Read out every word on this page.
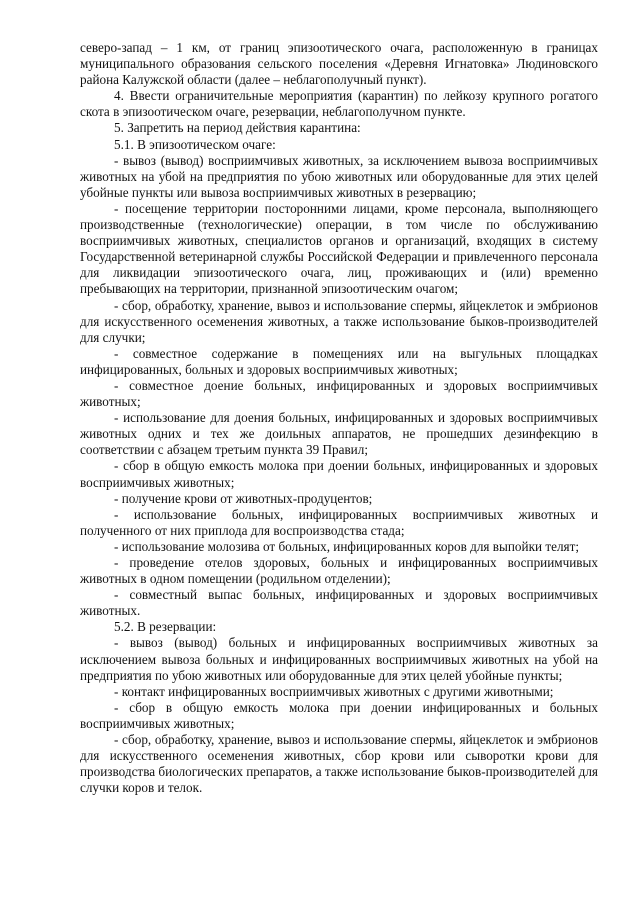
северо-запад – 1 км, от границ эпизоотического очага, расположенную в границах муниципального образования сельского поселения «Деревня Игнатовка» Людиновского района Калужской области (далее – неблагополучный пункт).

4. Ввести ограничительные мероприятия (карантин) по лейкозу крупного рогатого скота в эпизоотическом очаге, резервации, неблагополучном пункте.

5. Запретить на период действия карантина:

5.1. В эпизоотическом очаге:

- вывоз (вывод) восприимчивых животных, за исключением вывоза восприимчивых животных на убой на предприятия по убою животных или оборудованные для этих целей убойные пункты или вывоза восприимчивых животных в резервацию;

- посещение территории посторонними лицами, кроме персонала, выполняющего производственные (технологические) операции, в том числе по обслуживанию восприимчивых животных, специалистов органов и организаций, входящих в систему Государственной ветеринарной службы Российской Федерации и привлеченного персонала для ликвидации эпизоотического очага, лиц, проживающих и (или) временно пребывающих на территории, признанной эпизоотическим очагом;

- сбор, обработку, хранение, вывоз и использование спермы, яйцеклеток и эмбрионов для искусственного осеменения животных, а также использование быков-производителей для случки;

- совместное содержание в помещениях или на выгульных площадках инфицированных, больных и здоровых восприимчивых животных;

- совместное доение больных, инфицированных и здоровых восприимчивых животных;

- использование для доения больных, инфицированных и здоровых восприимчивых животных одних и тех же доильных аппаратов, не прошедших дезинфекцию в соответствии с абзацем третьим пункта 39 Правил;

- сбор в общую емкость молока при доении больных, инфицированных и здоровых восприимчивых животных;

- получение крови от животных-продуцентов;

- использование больных, инфицированных восприимчивых животных и полученного от них приплода для воспроизводства стада;

- использование молозива от больных, инфицированных коров для выпойки телят;

- проведение отелов здоровых, больных и инфицированных восприимчивых животных в одном помещении (родильном отделении);

- совместный выпас больных, инфицированных и здоровых восприимчивых животных.

5.2. В резервации:

- вывоз (вывод) больных и инфицированных восприимчивых животных за исключением вывоза больных и инфицированных восприимчивых животных на убой на предприятия по убою животных или оборудованные для этих целей убойные пункты;

- контакт инфицированных восприимчивых животных с другими животными;

- сбор в общую емкость молока при доении инфицированных и больных восприимчивых животных;

- сбор, обработку, хранение, вывоз и использование спермы, яйцеклеток и эмбрионов для искусственного осеменения животных, сбор крови или сыворотки крови для производства биологических препаратов, а также использование быков-производителей для случки коров и телок.
